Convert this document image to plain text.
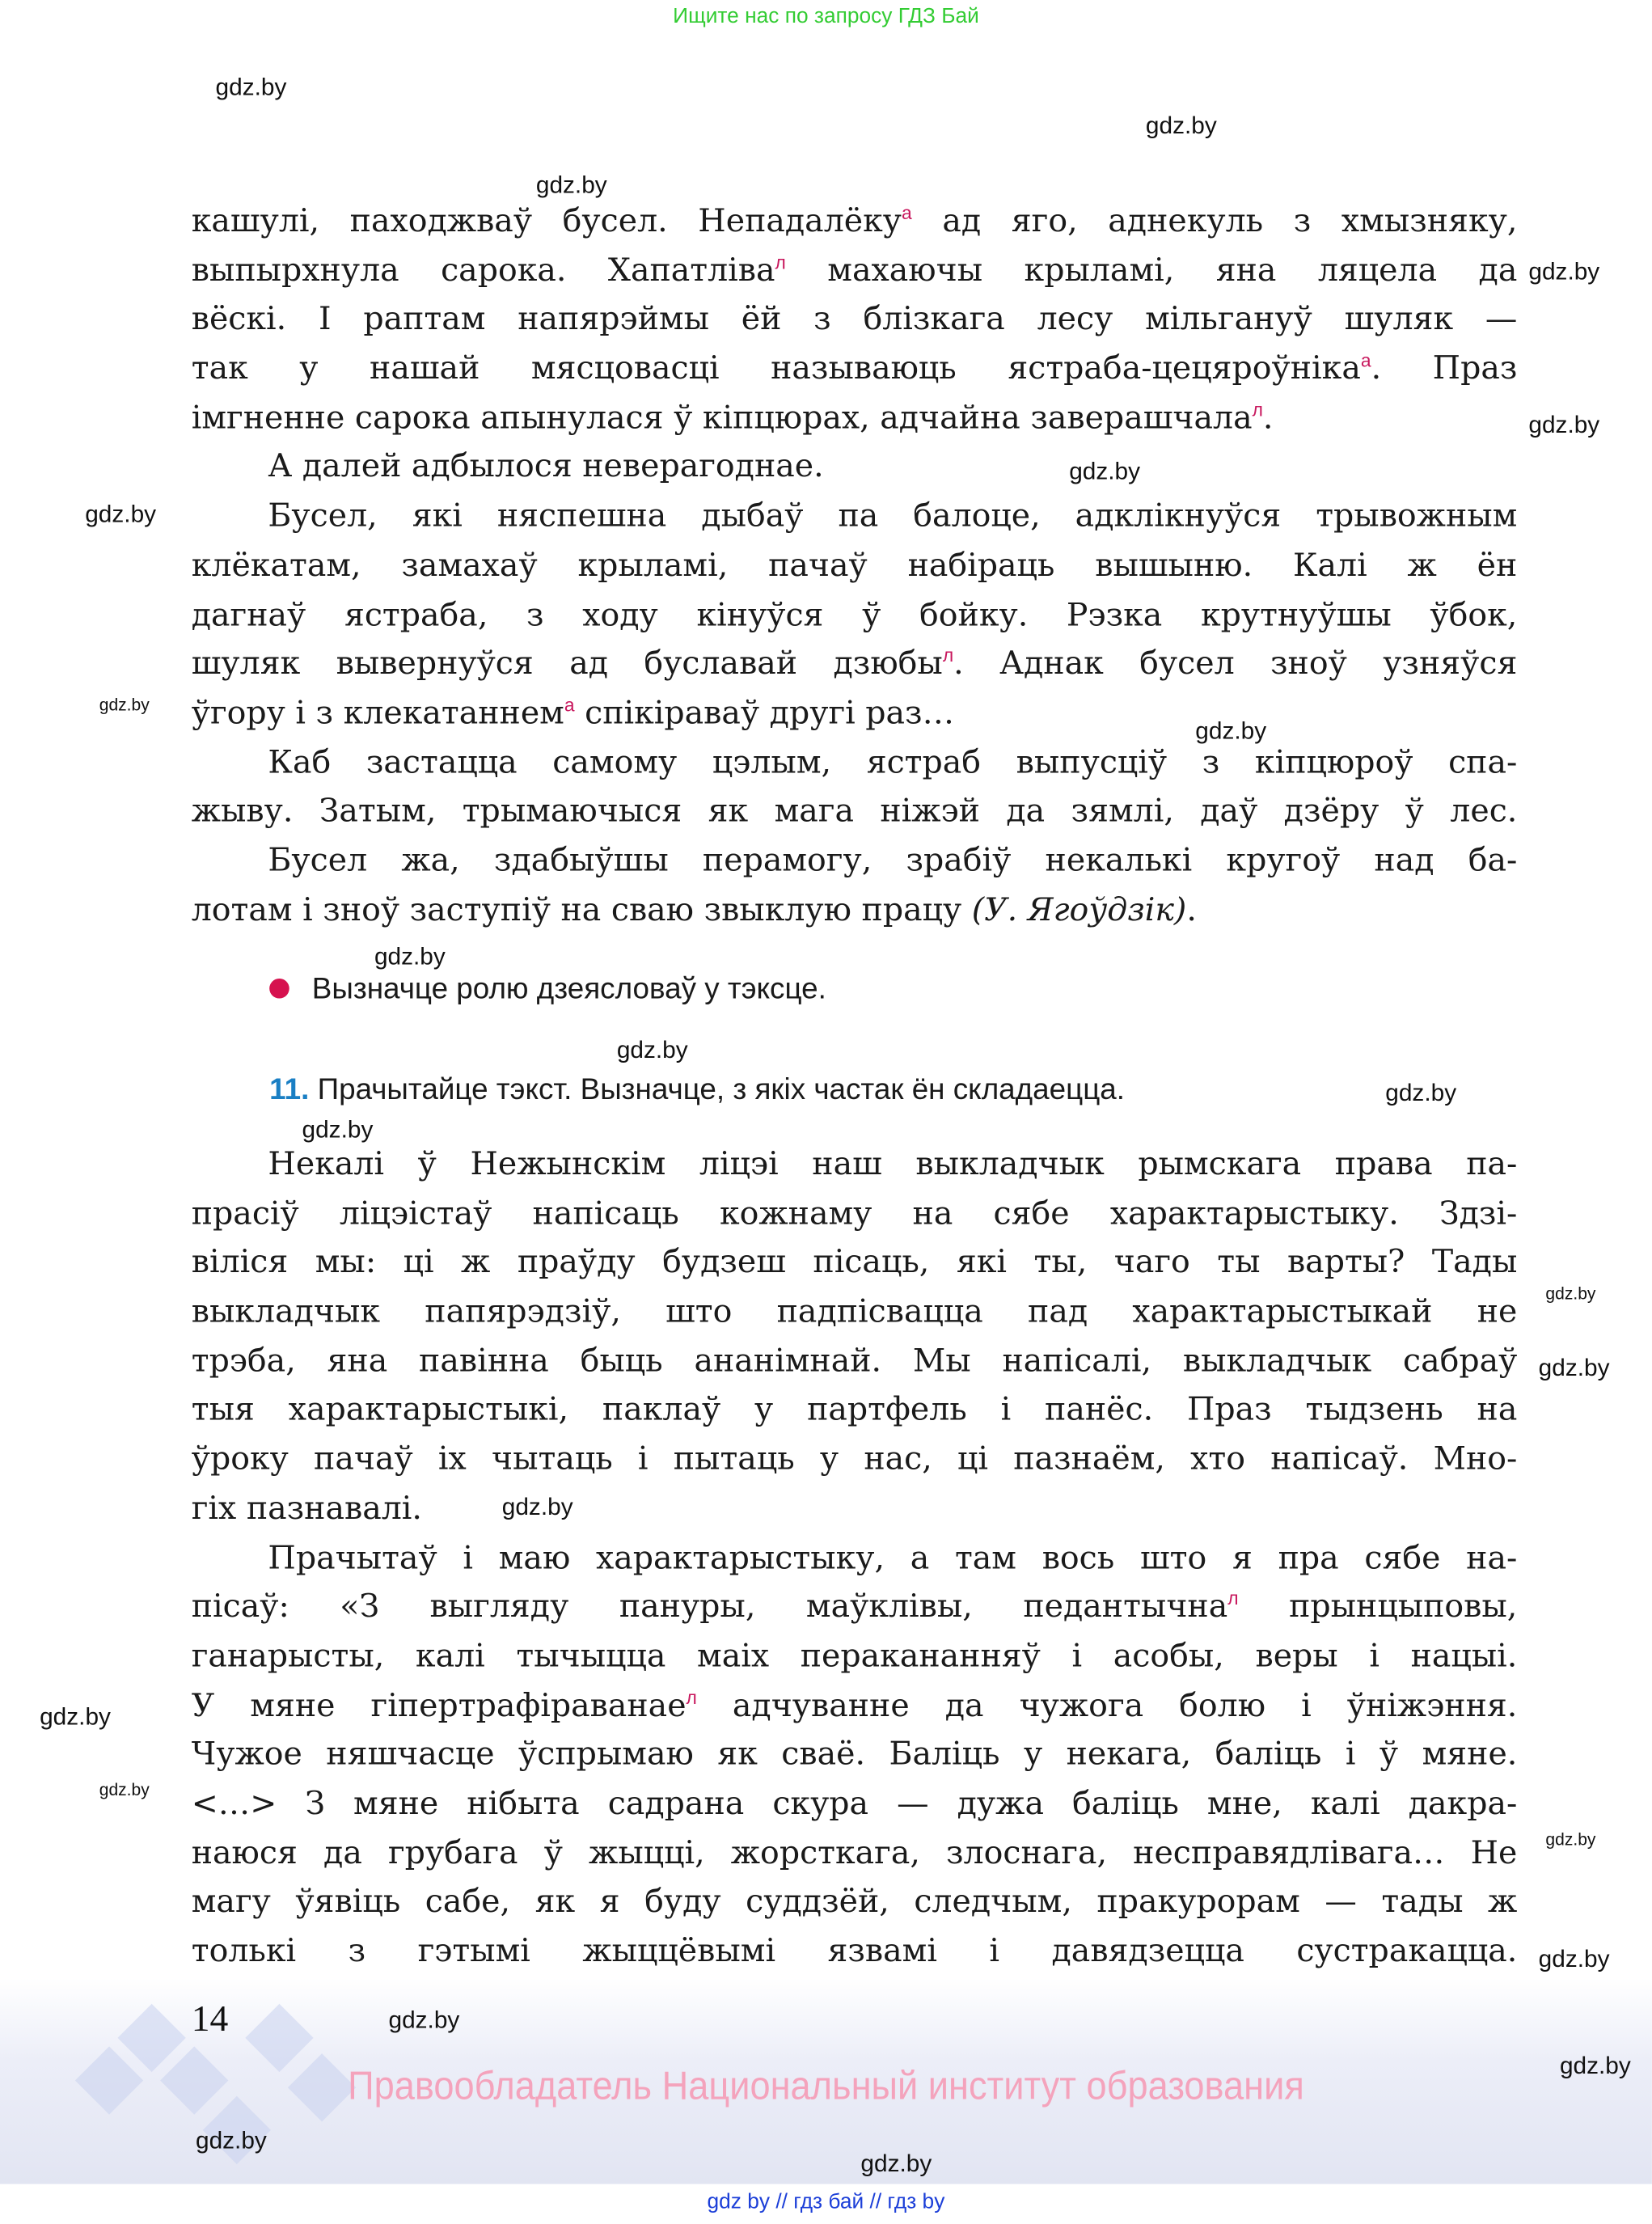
Ищите нас по запросу ГДЗ Бай
кашулі, паходжваў бусел. Непадалёку$^а$ ад яго, аднекуль з хмызняку,
выпырхнула сарока. Хапатліва$^л$ махаючы крыламі, яна ляцела да
вёскі. І раптам напярэймы ёй з блізкага лесу мільгануў шуляк —
так у нашай мясцовасці называюць ястраба-цецяроўніка$^а$. Праз
імгненне сарока апынулася ў кіпцюрах, адчайна заверашчала$^л$.
А далей адбылося неверагоднае.
Бусел, які няспешна дыбаў па балоце, адклікнуўся трывожным
клёкатам, замахаў крыламі, пачаў набіраць вышыню. Калі ж ён
дагнаў ястраба, з ходу кінуўся ў бойку. Рэзка крутнуўшы ўбок,
шуляк вывернуўся ад буславай дзюбы$^л$. Аднак бусел зноў узняўся
ўгору і з клекатаннем$^а$ спікіраваў другі раз…
Каб застацца самому цэлым, ястраб выпусціў з кіпцюроў спа-
жыву. Затым, трымаючыся як мага ніжэй да зямлі, даў дзёру ў лес.
Бусел жа, здабыўшы перамогу, зрабіў некалькі кругоў над ба-
лотам і зноў заступіў на сваю звыклую працу (У. Ягоўдзік).
Вызначце ролю дзеясловаў у тэксце.
11. Прачытайце тэкст. Вызначце, з якіх частак ён складаецца.
Некалі ў Нежынскім ліцэі наш выкладчык рымскага права па-
прасіў ліцэістаў напісаць кожнаму на сябе характарыстыку. Здзі-
віліся мы: ці ж праўду будзеш пісаць, які ты, чаго ты варты? Тады
выкладчык папярэдзіў, што падпісвацца пад характарыстыкай не
трэба, яна павінна быць ананімнай. Мы напісалі, выкладчык сабраў
тыя характарыстыкі, паклаў у партфель і панёс. Праз тыдзень на
ўроку пачаў іх чытаць і пытаць у нас, ці пазнаём, хто напісаў. Мно-
гіх пазнавалі.
Прачытаў і маю характарыстыку, а там вось што я пра сябе на-
пісаў: «З выгляду пануры, маўклівы, педантычна$^л$ прынцыповы,
ганарысты, калі тычыцца маіх перакананняў і асобы, веры і нацыі.
У мяне гіпертрафіраванае$^л$ адчуванне да чужога болю і ўніжэння.
Чужое няшчасце ўспрымаю як сваё. Баліць у некага, баліць і ў мяне.
<…> З мяне нібыта садрана скура — дужа баліць мне, калі дакра-
наюся да грубага ў жыцці, жорсткага, злоснага, несправядлівага… Не
магу ўявіць сабе, як я буду суддзёй, следчым, пракурорам — тады ж
толькі з гэтымі жыццёвымі язвамі і давядзецца сустракацца.
14
Правообладатель Национальный институт образования
gdz by // гдз бай // гдз by
gdz.by
gdz.by
gdz.by
gdz.by
gdz.by
gdz.by
gdz.by
gdz.by
gdz.by
gdz.by
gdz.by
gdz.by
gdz.by
gdz.by
gdz.by
gdz.by
gdz.by
gdz.by
gdz.by
gdz.by
gdz.by
gdz.by
gdz.by
gdz.by
